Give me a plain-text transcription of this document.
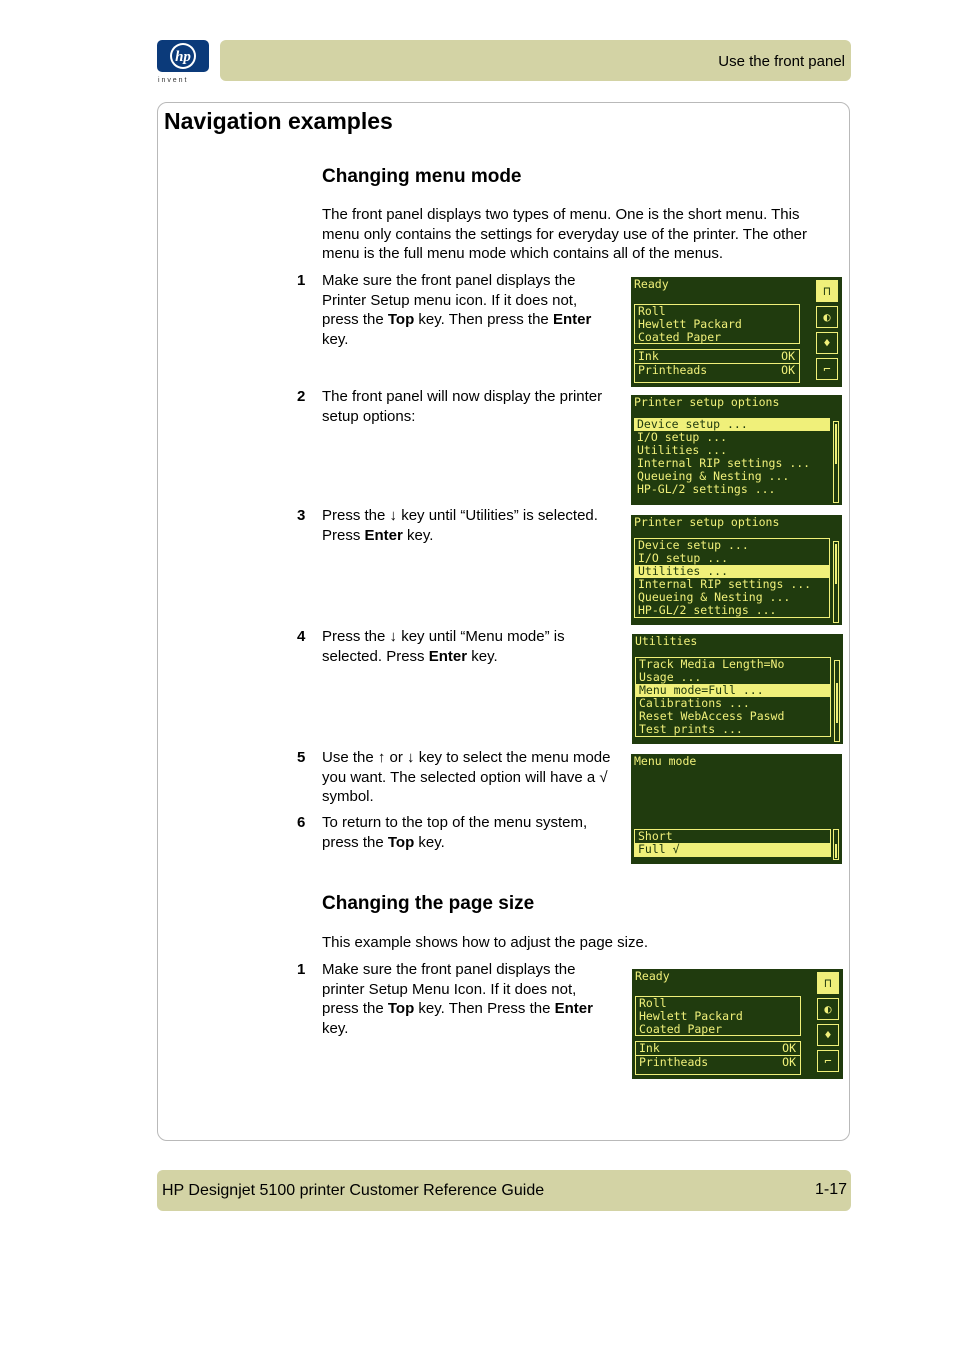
hp
i n v e n t
Use the front panel
Navigation examples
Changing menu mode

The front panel displays two types of menu. One is the short menu. This menu only contains the settings for everyday use of the printer. The other menu is the full menu mode which contains all of the menus.

1 Make sure the front panel displays the Printer Setup menu icon. If it does not, press the Top key. Then press the Enter key.
2 The front panel will now display the printer setup options:
3 Press the ↓ key until “Utilities” is selected. Press Enter key.
4 Press the ↓ key until “Menu mode” is selected. Press Enter key.
5 Use the ↑ or ↓ key to select the menu mode you want. The selected option will have a √ symbol.
6 To return to the top of the menu system, press the Top key.
Ready
Roll
Hewlett Packard
Coated Paper
Ink	OK
Printheads	OK
⊓
◐
♦
⌐
Printer setup options
Device setup ...
I/O setup ...
Utilities ...
Internal RIP settings ...
Queueing & Nesting ...
HP-GL/2 settings ...
Printer setup options
Device setup ...
I/O setup ...
Utilities ...
Internal RIP settings ...
Queueing & Nesting ...
HP-GL/2 settings ...
Utilities
Track Media Length=No
Usage ...
Menu mode=Full ...
Calibrations ...
Reset WebAccess Paswd
Test prints ...
Menu mode
Short
Full √
Changing the page size

This example shows how to adjust the page size.

1 Make sure the front panel displays the printer Setup Menu Icon. If it does not, press the Top key. Then Press the Enter key.
Ready
Roll
Hewlett Packard
Coated Paper
Ink	OK
Printheads	OK
⊓
◐
♦
⌐
HP Designjet 5100 printer Customer Reference Guide	1-17
